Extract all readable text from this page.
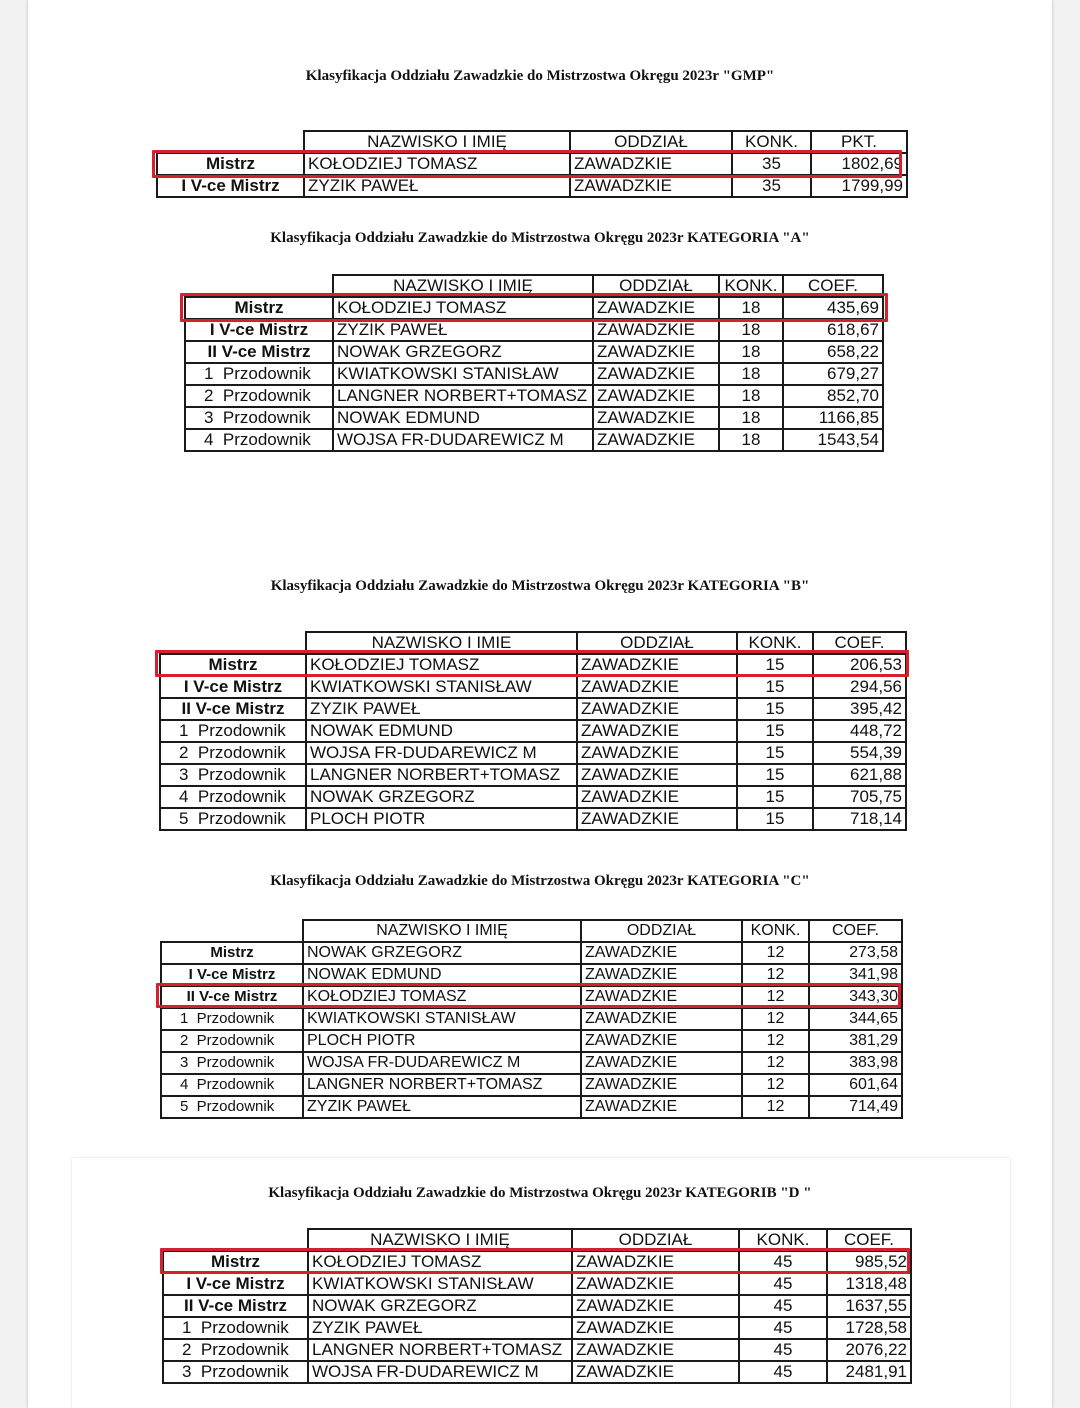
Klasyfikacja Oddziału Zawadzkie do Mistrzostwa Okręgu 2023r "GMP"
	NAZWISKO I IMIĘ	ODDZIAŁ	KONK.	PKT.
Mistrz	KOŁODZIEJ TOMASZ	ZAWADZKIE	35	1802,69
I V-ce Mistrz	ZYZIK PAWEŁ	ZAWADZKIE	35	1799,99
Klasyfikacja Oddziału Zawadzkie do Mistrzostwa Okręgu 2023r KATEGORIA "A"
	NAZWISKO I IMIĘ	ODDZIAŁ	KONK.	COEF.
Mistrz	KOŁODZIEJ TOMASZ	ZAWADZKIE	18	435,69
I V-ce Mistrz	ZYZIK PAWEŁ	ZAWADZKIE	18	618,67
II V-ce Mistrz	NOWAK GRZEGORZ	ZAWADZKIE	18	658,22
1  Przodownik	KWIATKOWSKI STANISŁAW	ZAWADZKIE	18	679,27
2  Przodownik	LANGNER NORBERT+TOMASZ	ZAWADZKIE	18	852,70
3  Przodownik	NOWAK EDMUND	ZAWADZKIE	18	1166,85
4  Przodownik	WOJSA FR-DUDAREWICZ M	ZAWADZKIE	18	1543,54
Klasyfikacja Oddziału Zawadzkie do Mistrzostwa Okręgu 2023r KATEGORIA "B"
	NAZWISKO I IMIE	ODDZIAŁ	KONK.	COEF.
Mistrz	KOŁODZIEJ TOMASZ	ZAWADZKIE	15	206,53
I V-ce Mistrz	KWIATKOWSKI STANISŁAW	ZAWADZKIE	15	294,56
II V-ce Mistrz	ZYZIK PAWEŁ	ZAWADZKIE	15	395,42
1  Przodownik	NOWAK EDMUND	ZAWADZKIE	15	448,72
2  Przodownik	WOJSA FR-DUDAREWICZ M	ZAWADZKIE	15	554,39
3  Przodownik	LANGNER NORBERT+TOMASZ	ZAWADZKIE	15	621,88
4  Przodownik	NOWAK GRZEGORZ	ZAWADZKIE	15	705,75
5  Przodownik	PLOCH PIOTR	ZAWADZKIE	15	718,14
Klasyfikacja Oddziału Zawadzkie do Mistrzostwa Okręgu 2023r KATEGORIA "C"
	NAZWISKO I IMIĘ	ODDZIAŁ	KONK.	COEF.
Mistrz	NOWAK GRZEGORZ	ZAWADZKIE	12	273,58
I V-ce Mistrz	NOWAK EDMUND	ZAWADZKIE	12	341,98
II V-ce Mistrz	KOŁODZIEJ TOMASZ	ZAWADZKIE	12	343,30
1  Przodownik	KWIATKOWSKI STANISŁAW	ZAWADZKIE	12	344,65
2  Przodownik	PLOCH PIOTR	ZAWADZKIE	12	381,29
3  Przodownik	WOJSA FR-DUDAREWICZ M	ZAWADZKIE	12	383,98
4  Przodownik	LANGNER NORBERT+TOMASZ	ZAWADZKIE	12	601,64
5  Przodownik	ZYZIK PAWEŁ	ZAWADZKIE	12	714,49
Klasyfikacja Oddziału Zawadzkie do Mistrzostwa Okręgu 2023r KATEGORIB "D "
	NAZWISKO I IMIĘ	ODDZIAŁ	KONK.	COEF.
Mistrz	KOŁODZIEJ TOMASZ	ZAWADZKIE	45	985,52
I V-ce Mistrz	KWIATKOWSKI STANISŁAW	ZAWADZKIE	45	1318,48
II V-ce Mistrz	NOWAK GRZEGORZ	ZAWADZKIE	45	1637,55
1  Przodownik	ZYZIK PAWEŁ	ZAWADZKIE	45	1728,58
2  Przodownik	LANGNER NORBERT+TOMASZ	ZAWADZKIE	45	2076,22
3  Przodownik	WOJSA FR-DUDAREWICZ M	ZAWADZKIE	45	2481,91
